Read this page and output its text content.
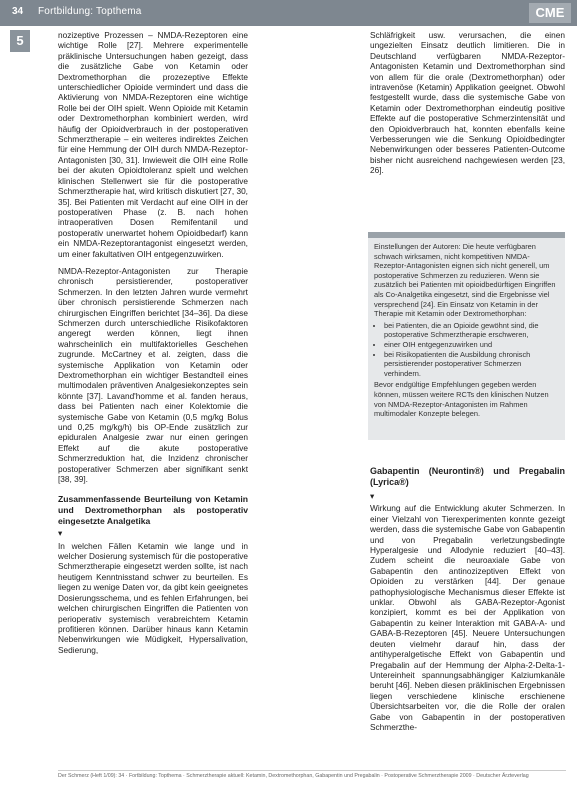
34 Fortbildung: Topthema	CME
5	nozizeptive Prozessen – NMDA-Rezeptoren eine wichtige Rolle [27]. Mehrere experimentelle präklinische Untersuchungen haben gezeigt, dass die zusätzliche Gabe von Ketamin oder Dextromethorphan die prozezeptive Effekte unterschiedlicher Opioide vermindert und dass die Aktivierung von NMDA-Rezeptoren eine wichtige Rolle bei der OIH spielt. Wenn Opioide mit Ketamin oder Dextromethorphan kombiniert werden, wird häufig der Opioidverbrauch in der postoperativen Schmerztherapie – ein weiteres indirektes Zeichen für eine Hemmung der OIH durch NMDA-Rezeptor-Antagonisten [30, 31]. Inwieweit die OIH eine Rolle bei der akuten Opioidtoleranz spielt und welchen klinischen Stellenwert sie für die postoperative Schmerztherapie hat, wird kritisch diskutiert [27, 30, 35]. Bei Patienten mit Verdacht auf eine OIH in der postoperativen Phase (z. B. nach hohen intraoperativen Dosen Remifentanil und postoperativ unerwartet hohem Opioidbedarf) kann ein NMDA-Rezeptorantagonist eingesetzt werden, um einer fakultativen OIH entgegenzuwirken.

NMDA-Rezeptor-Antagonisten zur Therapie chronisch persistierender, postoperativer Schmerzen. In den letzten Jahren wurde vermehrt über chronisch persistierende Schmerzen nach chirurgischen Eingriffen berichtet [34–36]. Da diese Schmerzen durch unterschiedliche Risikofaktoren angeregt werden können, liegt ihnen wahrscheinlich ein multifaktorielles Geschehen zugrunde. McCartney et al. zeigten, dass die systemische Applikation von Ketamin oder Dextromethorphan ein wichtiger Bestandteil eines multimodalen präventiven Analgesiekonzeptes sein könnte [37]. Lavand'homme et al. fanden heraus, dass bei Patienten nach einer Kolektomie die systemische Gabe von Ketamin (0,5 mg/kg Bolus und 0,25 mg/kg/h) bis OP-Ende zusätzlich zur epiduralen Analgesie zwar nur einen geringen Effekt auf die akute postoperative Schmerzreduktion hat, die Inzidenz chronischer postoperativer Schmerzen aber signifikant senkt [38, 39].

Zusammenfassende Beurteilung von Ketamin und Dextromethorphan als postoperativ eingesetzte Analgetika

▾

In welchen Fällen Ketamin wie lange und in welcher Dosierung systemisch für die postoperative Schmerztherapie eingesetzt werden sollte, ist nach heutigem Kenntnisstand schwer zu beurteilen. Es liegen zu wenige Daten vor, da gibt kein geeignetes Dosierungsschema, und es fehlen Erfahrungen, bei welchen chirurgischen Eingriffen die Patienten von perioperativ systemisch verabreichtem Ketamin profitieren können. Darüber hinaus kann Ketamin Nebenwirkungen wie Müdigkeit, Hypersalivation, Sedierung,

Schläfrigkeit usw. verursachen, die einen ungezielten Einsatz deutlich limitieren. Die in Deutschland verfügbaren NMDA-Rezeptor-Antagonisten Ketamin und Dextromethorphan sind von allem für die orale (Dextromethorphan) oder intravenöse (Ketamin) Applikation geeignet. Obwohl festgestellt wurde, dass die systemische Gabe von Ketamin oder Dextromethorphan eindeutig positive Effekte auf die postoperative Schmerzintensität und den Opioidverbrauch hat, konnten ebenfalls keine Verbesserungen wie die Senkung Opioidbedingter Nebenwirkungen oder besseres Patienten-Outcome bisher nicht ausreichend nachgewiesen werden [23, 26].

Einstellungen der Autoren: Die heute verfügbaren schwach wirksamen, nicht kompetitiven NMDA-Rezeptor-Antagonisten eignen sich nicht generell, um postoperative Schmerzen zu reduzieren. Wenn sie zusätzlich bei Patienten mit opioidbedürftigen Eingriffen als Co-Analgetika eingesetzt, sind die Ergebnisse viel versprechend [24]. Ein Einsatz von Ketamin in der Therapie mit Ketamin oder Dextromethorphan:

• bei Patienten, die an Opioide gewöhnt sind, die postoperative Schmerztherapie erschweren,
• einer OIH entgegenzuwirken und
• bei Risikopatienten die Ausbildung chronisch persistierender postoperativer Schmerzen verhindern.

Bevor endgültige Empfehlungen gegeben werden können, müssen weitere RCTs den klinischen Nutzen von NMDA-Rezeptor-Antagonisten im Rahmen multimodaler Konzepte belegen.

Gabapentin (Neurontin®) und Pregabalin (Lyrica®)

▾

Wirkung auf die Entwicklung akuter Schmerzen. In einer Vielzahl von Tierexperimenten konnte gezeigt werden, dass die systemische Gabe von Gabapentin und von Pregabalin verletzungsbedingte Hyperalgesie und Allodynie reduziert [40–43]. Zudem scheint die neuroaxiale Gabe von Gabapentin den antinozizeptiven Effekt von Opioiden zu verstärken [44]. Der genaue pathophysiologische Mechanismus dieser Effekte ist unklar. Obwohl als GABA-Rezeptor-Agonist konzipiert, kommt es bei der Applikation von Gabapentin zu keiner Interaktion mit GABA-A- und GABA-B-Rezeptoren [45]. Neuere Untersuchungen deuten vielmehr darauf hin, dass der antihyperalgetische Effekt von Gabapentin und Pregabalin auf der Hemmung der Alpha-2-Delta-1-Untereinheit spannungsabhängiger Kalziumkanäle beruht [46]. Neben diesen präklinischen Ergebnissen liegen verschiedene klinische erschienene Übersichtsarbeiten vor, die die Rolle der oralen Gabe von Gabapentin in der postoperativen Schmerzthe-

Der Schmerz (Heft 1/09): 34 · Fortbildung: Topthema · Schmerztherapie aktuell: Ketamin, Dextromethorphan, Gabapentin und Pregabalin · Postoperative Schmerztherapie 2009 · Deutscher Ärzteverlag
